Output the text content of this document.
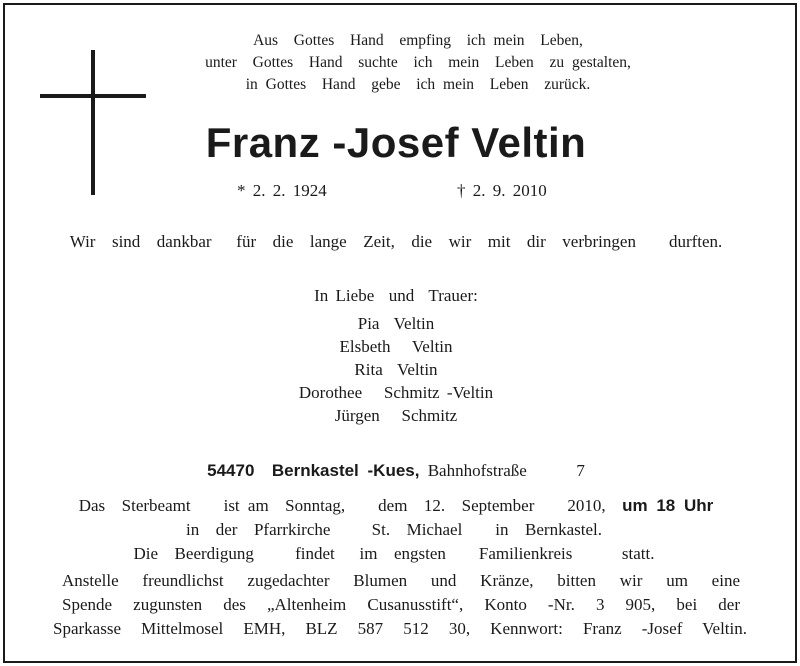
Aus  Gottes  Hand  empfing  ich mein  Leben,
unter  Gottes  Hand  suchte  ich  mein  Leben  zu gestalten,
in Gottes  Hand  gebe  ich mein  Leben  zurück.
Franz -Josef Veltin
* 2. 2. 1924	† 2. 9. 2010
Wir  sind  dankbar   für  die  lange  Zeit,  die  wir  mit  dir  verbringen    durften.
In Liebe  und  Trauer:
Pia  Veltin
Elsbeth   Veltin
Rita  Veltin
Dorothee   Schmitz -Veltin
Jürgen   Schmitz
54470  Bernkastel -Kues, Bahnhofstraße      7
Das  Sterbeamt    ist am  Sonntag,    dem  12.  September    2010, um 18 Uhr
in  der  Pfarrkirche     St.  Michael    in  Bernkastel.
Die  Beerdigung     findet   im  engsten    Familienkreis      statt.
Anstelle freundlichst zugedachter Blumen und Kränze, bitten wir um eine
Spende zugunsten des „Altenheim Cusanusstift“, Konto -Nr. 3 905, bei der
Sparkasse Mittelmosel EMH, BLZ 587 512 30, Kennwort: Franz -Josef Veltin.
